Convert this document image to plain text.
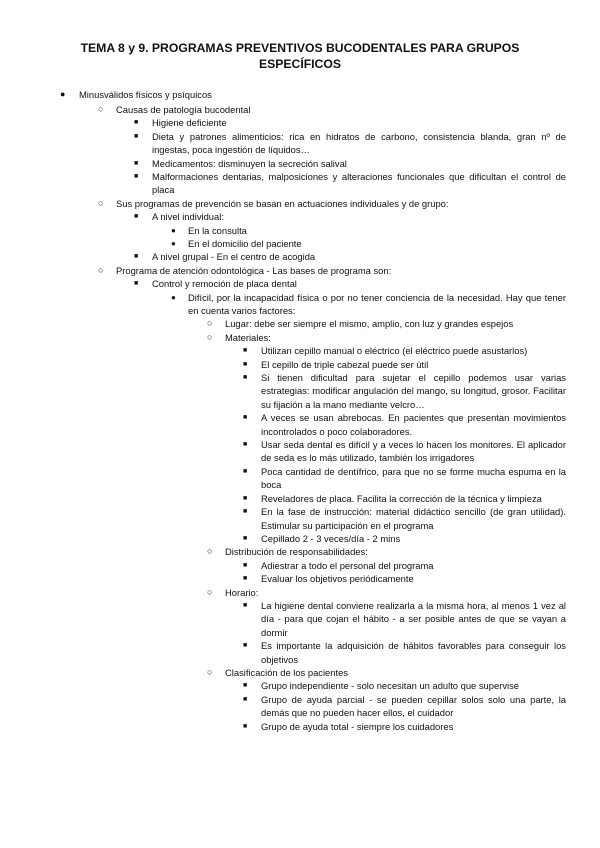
TEMA 8 y 9. PROGRAMAS PREVENTIVOS BUCODENTALES PARA GRUPOS ESPECÍFICOS
● Minusválidos físicos y psíquicos
○ Causas de patología bucodental
■ Higiene deficiente
■ Dieta y patrones alimenticios: rica en hidratos de carbono, consistencia blanda, gran nº de ingestas, poca ingestión de líquidos…
■ Medicamentos: disminuyen la secreción salival
■ Malformaciones dentarias, malposiciones y alteraciones funcionales que dificultan el control de placa
○ Sus programas de prevención se basan en actuaciones individuales y de grupo:
■ A nivel individual:
● En la consulta
● En el domicilio del paciente
■ A nivel grupal - En el centro de acogida
○ Programa de atención odontológica - Las bases de programa son:
■ Control y remoción de placa dental
● Difícil, por la incapacidad física o por no tener conciencia de la necesidad. Hay que tener en cuenta varios factores:
○ Lugar: debe ser siempre el mismo, amplio, con luz y grandes espejos
○ Materiales:
■ Utilizan cepillo manual o eléctrico (el eléctrico puede asustarlos)
■ El cepillo de triple cabezal puede ser útil
■ Si tienen dificultad para sujetar el cepillo podemos usar varias estrategias: modificar angulación del mango, su longitud, grosor. Facilitar su fijación a la mano mediante velcro…
■ A veces se usan abrebocas. En pacientes que presentan movimientos incontrolados o poco colaboradores.
■ Usar seda dental es difícil y a veces lo hacen los monitores. El aplicador de seda es lo más utilizado, también los irrigadores
■ Poca cantidad de dentífrico, para que no se forme mucha espuma en la boca
■ Reveladores de placa. Facilita la corrección de la técnica y limpieza
■ En la fase de instrucción: material didáctico sencillo (de gran utilidad). Estimular su participación en el programa
■ Cepillado 2 - 3 veces/día - 2 mins
○ Distribución de responsabilidades:
■ Adiestrar a todo el personal del programa
■ Evaluar los objetivos periódicamente
○ Horario:
■ La higiene dental conviene realizarla a la misma hora, al menos 1 vez al día - para que cojan el hábito - a ser posible antes de que se vayan a dormir
■ Es importante la adquisición de hábitos favorables para conseguir los objetivos
○ Clasificación de los pacientes
■ Grupo independiente - solo necesitan un adulto que supervise
■ Grupo de ayuda parcial - se pueden cepillar solos solo una parte, la demás que no pueden hacer ellos, el cuidador
■ Grupo de ayuda total - siempre los cuidadores
